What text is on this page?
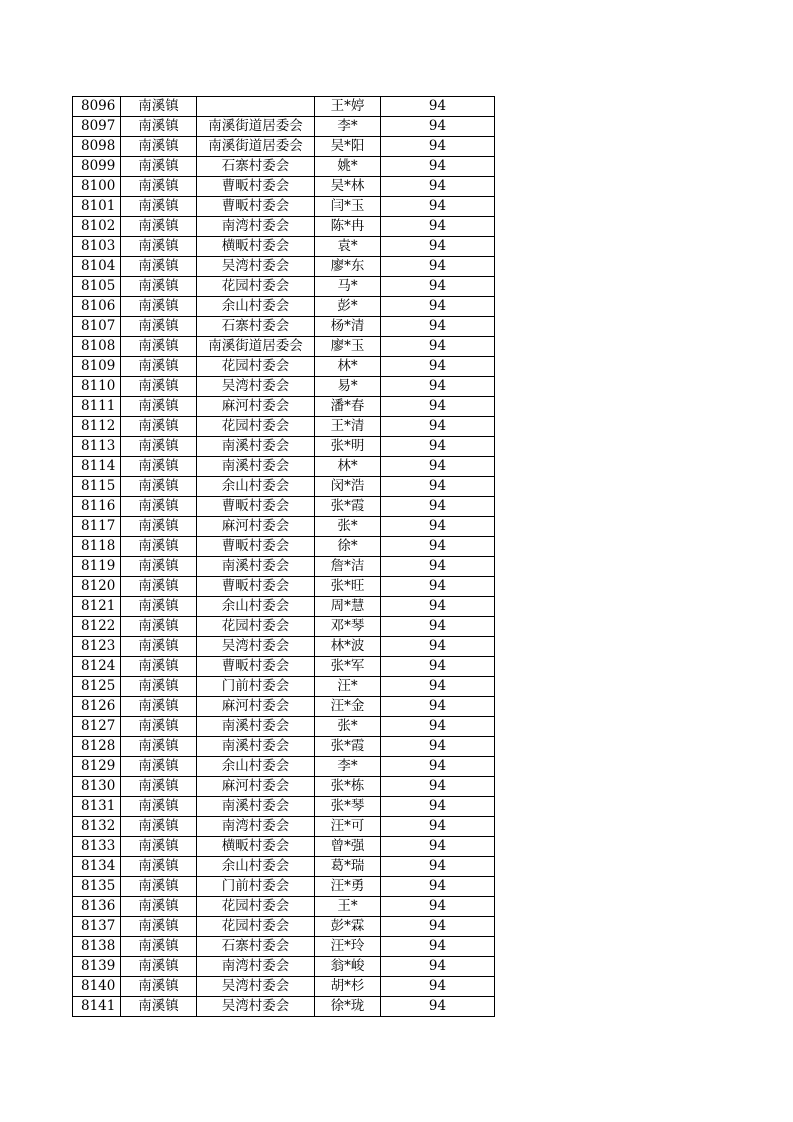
8096	南溪镇		王*婷	94
8097	南溪镇	南溪街道居委会	李*	94
8098	南溪镇	南溪街道居委会	吴*阳	94
8099	南溪镇	石寨村委会	姚*	94
8100	南溪镇	曹畈村委会	吴*林	94
8101	南溪镇	曹畈村委会	闫*玉	94
8102	南溪镇	南湾村委会	陈*冉	94
8103	南溪镇	横畈村委会	袁*	94
8104	南溪镇	吴湾村委会	廖*东	94
8105	南溪镇	花园村委会	马*	94
8106	南溪镇	余山村委会	彭*	94
8107	南溪镇	石寨村委会	杨*清	94
8108	南溪镇	南溪街道居委会	廖*玉	94
8109	南溪镇	花园村委会	林*	94
8110	南溪镇	吴湾村委会	易*	94
8111	南溪镇	麻河村委会	潘*春	94
8112	南溪镇	花园村委会	王*清	94
8113	南溪镇	南溪村委会	张*明	94
8114	南溪镇	南溪村委会	林*	94
8115	南溪镇	余山村委会	闵*浩	94
8116	南溪镇	曹畈村委会	张*霞	94
8117	南溪镇	麻河村委会	张*	94
8118	南溪镇	曹畈村委会	徐*	94
8119	南溪镇	南溪村委会	詹*洁	94
8120	南溪镇	曹畈村委会	张*旺	94
8121	南溪镇	余山村委会	周*慧	94
8122	南溪镇	花园村委会	邓*琴	94
8123	南溪镇	吴湾村委会	林*波	94
8124	南溪镇	曹畈村委会	张*军	94
8125	南溪镇	门前村委会	汪*	94
8126	南溪镇	麻河村委会	汪*金	94
8127	南溪镇	南溪村委会	张*	94
8128	南溪镇	南溪村委会	张*霞	94
8129	南溪镇	余山村委会	李*	94
8130	南溪镇	麻河村委会	张*栋	94
8131	南溪镇	南溪村委会	张*琴	94
8132	南溪镇	南湾村委会	汪*可	94
8133	南溪镇	横畈村委会	曾*强	94
8134	南溪镇	余山村委会	葛*瑞	94
8135	南溪镇	门前村委会	汪*勇	94
8136	南溪镇	花园村委会	王*	94
8137	南溪镇	花园村委会	彭*霖	94
8138	南溪镇	石寨村委会	汪*玲	94
8139	南溪镇	南湾村委会	翁*峻	94
8140	南溪镇	吴湾村委会	胡*杉	94
8141	南溪镇	吴湾村委会	徐*珑	94
